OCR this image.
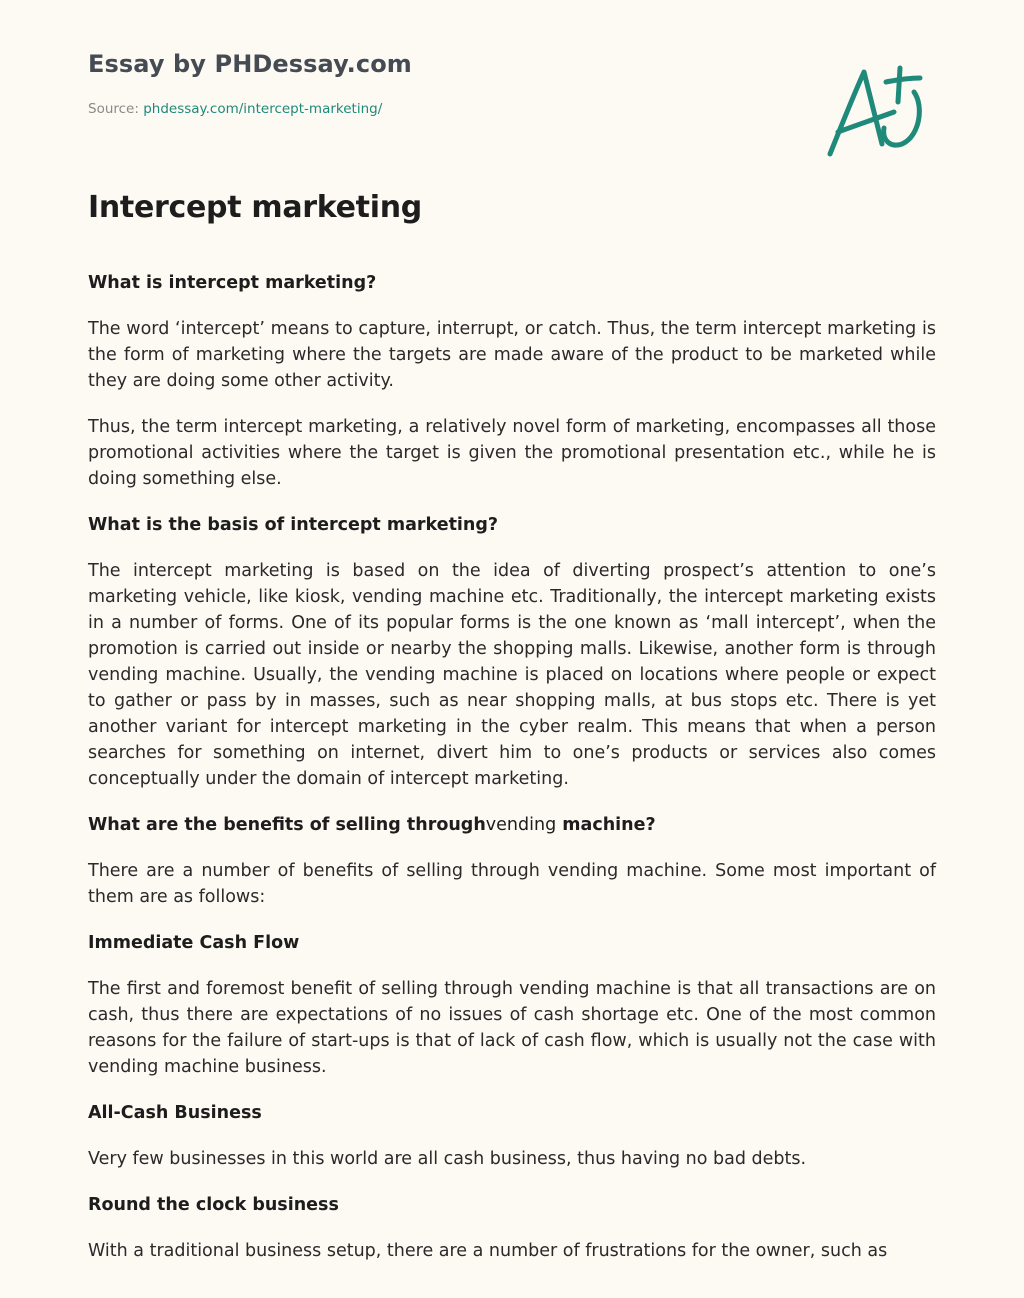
Essay by PHDessay.com
Source: phdessay.com/intercept-marketing/
Intercept marketing
What is intercept marketing?

The word ‘intercept’ means to capture, interrupt, or catch. Thus, the term intercept marketing is the form of marketing where the targets are made aware of the product to be marketed while they are doing some other activity.

Thus, the term intercept marketing, a relatively novel form of marketing, encompasses all those promotional activities where the target is given the promotional presentation etc., while he is doing something else.

What is the basis of intercept marketing?

The intercept marketing is based on the idea of diverting prospect’s attention to one’s marketing vehicle, like kiosk, vending machine etc. Traditionally, the intercept marketing exists in a number of forms. One of its popular forms is the one known as ‘mall intercept’, when the promotion is carried out inside or nearby the shopping malls. Likewise, another form is through vending machine. Usually, the vending machine is placed on locations where people or expect to gather or pass by in masses, such as near shopping malls, at bus stops etc. There is yet another variant for intercept marketing in the cyber realm. This means that when a person searches for something on internet, divert him to one’s products or services also comes conceptually under the domain of intercept marketing.

What are the benefits of selling throughvending machine?

There are a number of benefits of selling through vending machine. Some most important of them are as follows:

Immediate Cash Flow

The first and foremost benefit of selling through vending machine is that all transactions are on cash, thus there are expectations of no issues of cash shortage etc. One of the most common reasons for the failure of start-ups is that of lack of cash flow, which is usually not the case with vending machine business.

All-Cash Business

Very few businesses in this world are all cash business, thus having no bad debts.

Round the clock business

With a traditional business setup, there are a number of frustrations for the owner, such as
